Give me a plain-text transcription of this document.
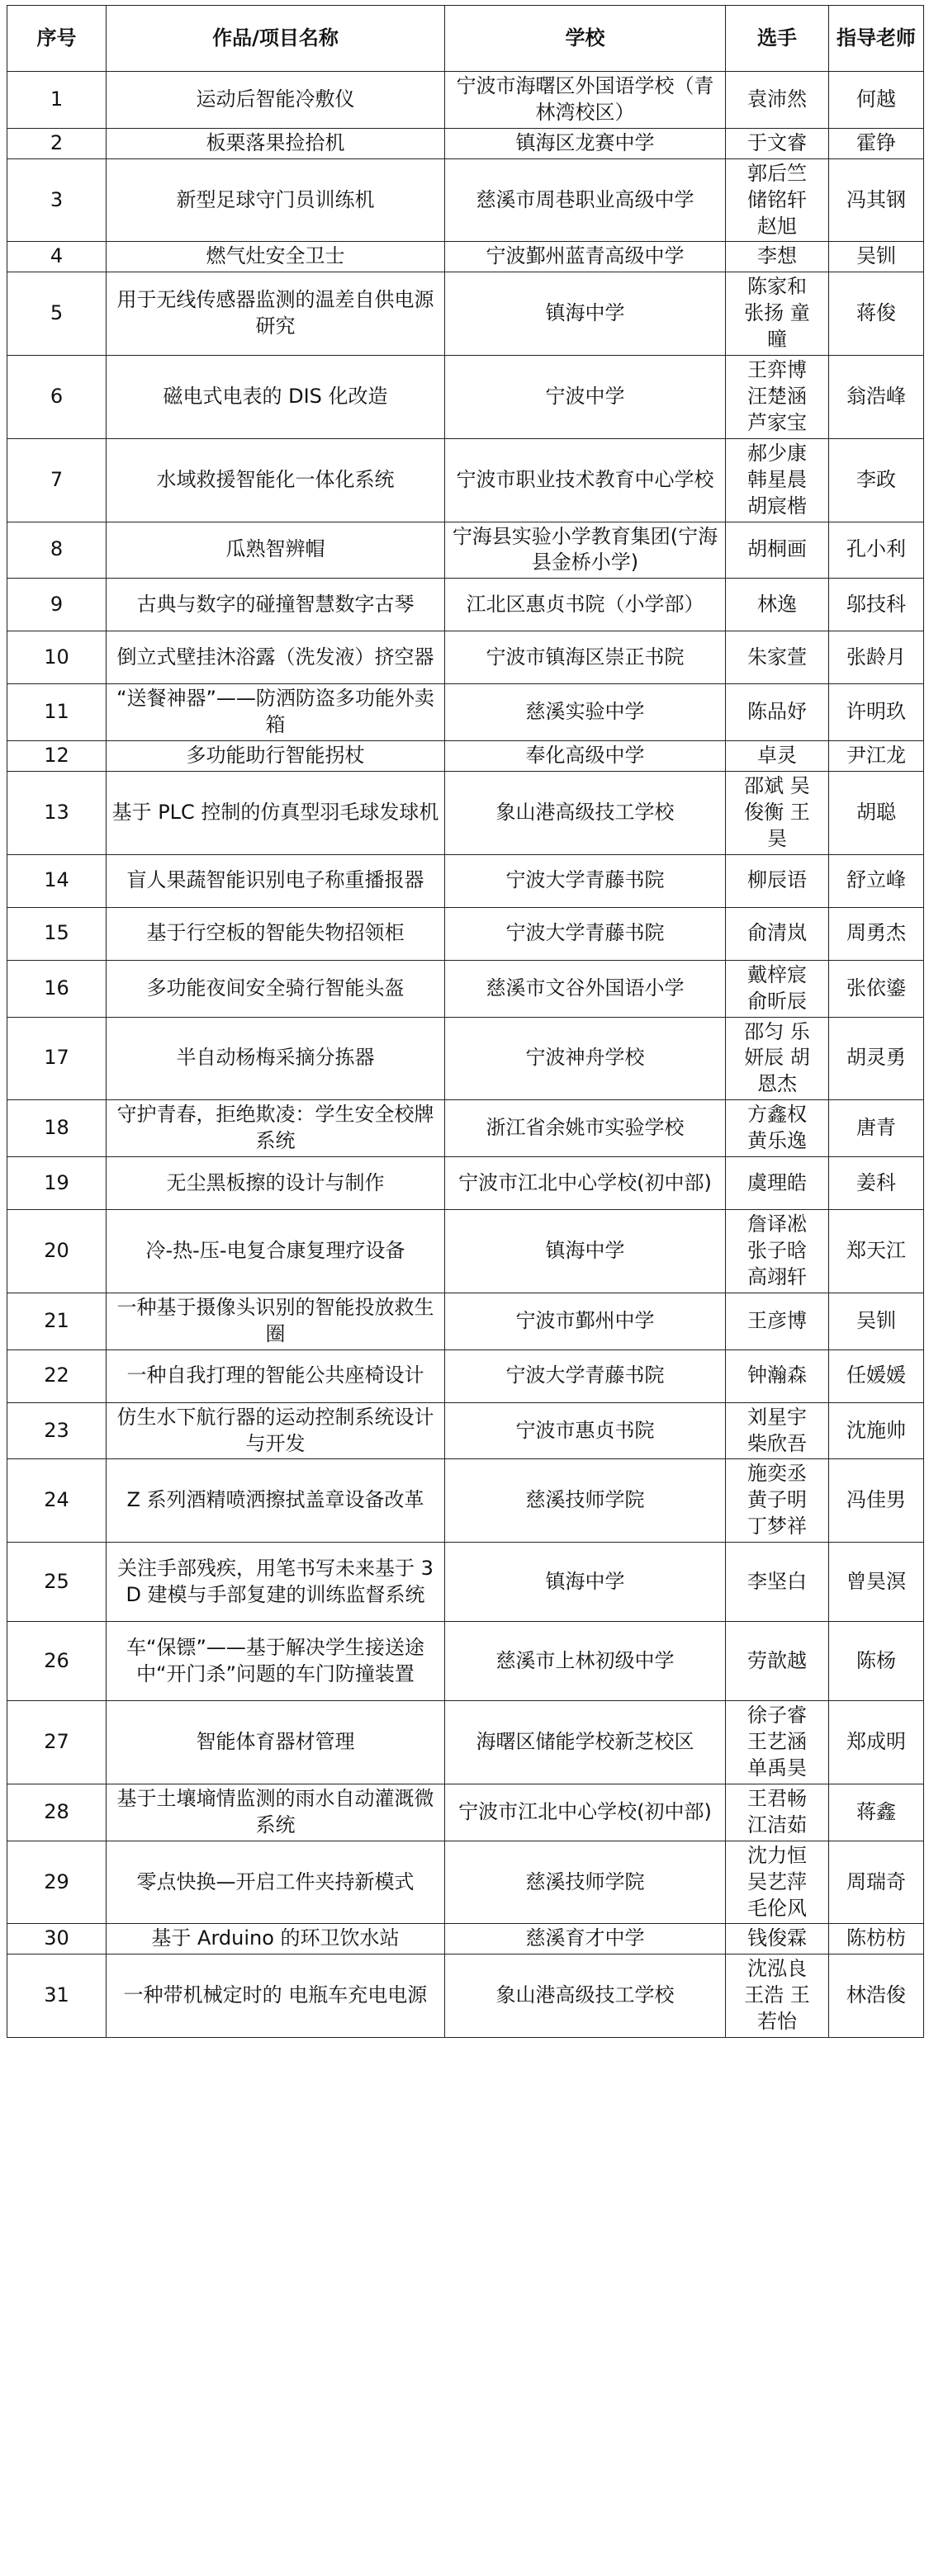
序号	作品/项目名称	学校	选手	指导老师
1	运动后智能冷敷仪	宁波市海曙区外国语学校（青林湾校区）	袁沛然	何越
2	板栗落果捡拾机	镇海区龙赛中学	于文睿	霍铮
3	新型足球守门员训练机	慈溪市周巷职业高级中学	郭后竺 储铭轩 赵旭	冯其钢
4	燃气灶安全卫士	宁波鄞州蓝青高级中学	李想	吴钏
5	用于无线传感器监测的温差自供电源研究	镇海中学	陈家和 张扬 童曈	蒋俊
6	磁电式电表的 DIS 化改造	宁波中学	王弈博 汪楚涵 芦家宝	翁浩峰
7	水域救援智能化一体化系统	宁波市职业技术教育中心学校	郝少康 韩星晨 胡宸楷	李政
8	瓜熟智辨帽	宁海县实验小学教育集团(宁海县金桥小学)	胡桐画	孔小利
9	古典与数字的碰撞智慧数字古琴	江北区惠贞书院（小学部）	林逸	邬技科
10	倒立式壁挂沐浴露（洗发液）挤空器	宁波市镇海区崇正书院	朱家萱	张龄月
11	“送餐神器”——防洒防盗多功能外卖箱	慈溪实验中学	陈品妤	许明玖
12	多功能助行智能拐杖	奉化高级中学	卓灵	尹江龙
13	基于 PLC 控制的仿真型羽毛球发球机	象山港高级技工学校	邵斌 吴俊衡 王昊	胡聪
14	盲人果蔬智能识别电子称重播报器	宁波大学青藤书院	柳辰语	舒立峰
15	基于行空板的智能失物招领柜	宁波大学青藤书院	俞清岚	周勇杰
16	多功能夜间安全骑行智能头盔	慈溪市文谷外国语小学	戴梓宸 俞昕辰	张依鎏
17	半自动杨梅采摘分拣器	宁波神舟学校	邵匀 乐妍辰 胡恩杰	胡灵勇
18	守护青春，拒绝欺凌：学生安全校牌系统	浙江省余姚市实验学校	方鑫权 黄乐逸	唐青
19	无尘黑板擦的设计与制作	宁波市江北中心学校(初中部)	虞理皓	姜科
20	冷-热-压-电复合康复理疗设备	镇海中学	詹译凇 张子晗 高翊轩	郑天江
21	一种基于摄像头识别的智能投放救生圈	宁波市鄞州中学	王彦博	吴钏
22	一种自我打理的智能公共座椅设计	宁波大学青藤书院	钟瀚森	任媛媛
23	仿生水下航行器的运动控制系统设计与开发	宁波市惠贞书院	刘星宇 柴欣吾	沈施帅
24	Z 系列酒精喷洒擦拭盖章设备改革	慈溪技师学院	施奕丞 黄子明 丁梦祥	冯佳男
25	关注手部残疾，用笔书写未来基于 3D 建模与手部复建的训练监督系统	镇海中学	李坚白	曾昊溟
26	车“保镖”——基于解决学生接送途中“开门杀”问题的车门防撞装置	慈溪市上林初级中学	劳歆越	陈杨
27	智能体育器材管理	海曙区储能学校新芝校区	徐子睿 王艺涵 单禹昊	郑成明
28	基于土壤墒情监测的雨水自动灌溉微系统	宁波市江北中心学校(初中部)	王君畅 江洁茹	蒋鑫
29	零点快换—开启工件夹持新模式	慈溪技师学院	沈力恒 吴艺萍 毛伦风	周瑞奇
30	基于 Arduino 的环卫饮水站	慈溪育才中学	钱俊霖	陈枋枋
31	一种带机械定时的 电瓶车充电电源	象山港高级技工学校	沈泓良 王浩 王若怡	林浩俊
